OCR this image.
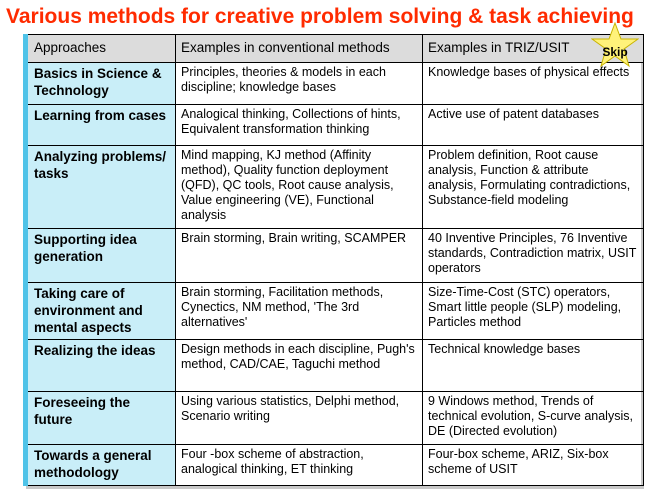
Various methods for creative problem solving & task achieving
Approaches	Examples in conventional methods	Examples in TRIZ/USIT
Basics in Science & Technology	Principles, theories & models in each discipline; knowledge bases	Knowledge bases of physical effects
Learning from cases	Analogical thinking, Collections of hints, Equivalent transformation thinking	Active use of patent databases
Analyzing problems/ tasks	Mind mapping, KJ method (Affinity method), Quality function deployment (QFD), QC tools, Root cause analysis, Value engineering (VE), Functional analysis	Problem definition, Root cause analysis, Function & attribute analysis, Formulating contradictions, Substance-field modeling
Supporting idea generation	Brain storming, Brain writing, SCAMPER	40 Inventive Principles, 76 Inventive standards, Contradiction matrix, USIT operators
Taking care of environment and mental aspects	Brain storming, Facilitation methods, Cynectics, NM method, 'The 3rd alternatives'	Size-Time-Cost (STC) operators, Smart little people (SLP) modeling, Particles method
Realizing the ideas	Design methods in each discipline, Pugh's method, CAD/CAE, Taguchi method	Technical knowledge bases
Foreseeing the future	Using various statistics, Delphi method, Scenario writing	9 Windows method, Trends of technical evolution, S-curve analysis, DE (Directed evolution)
Towards a general methodology	Four -box scheme of abstraction, analogical thinking, ET thinking	Four-box scheme, ARIZ, Six-box scheme of USIT
Skip
